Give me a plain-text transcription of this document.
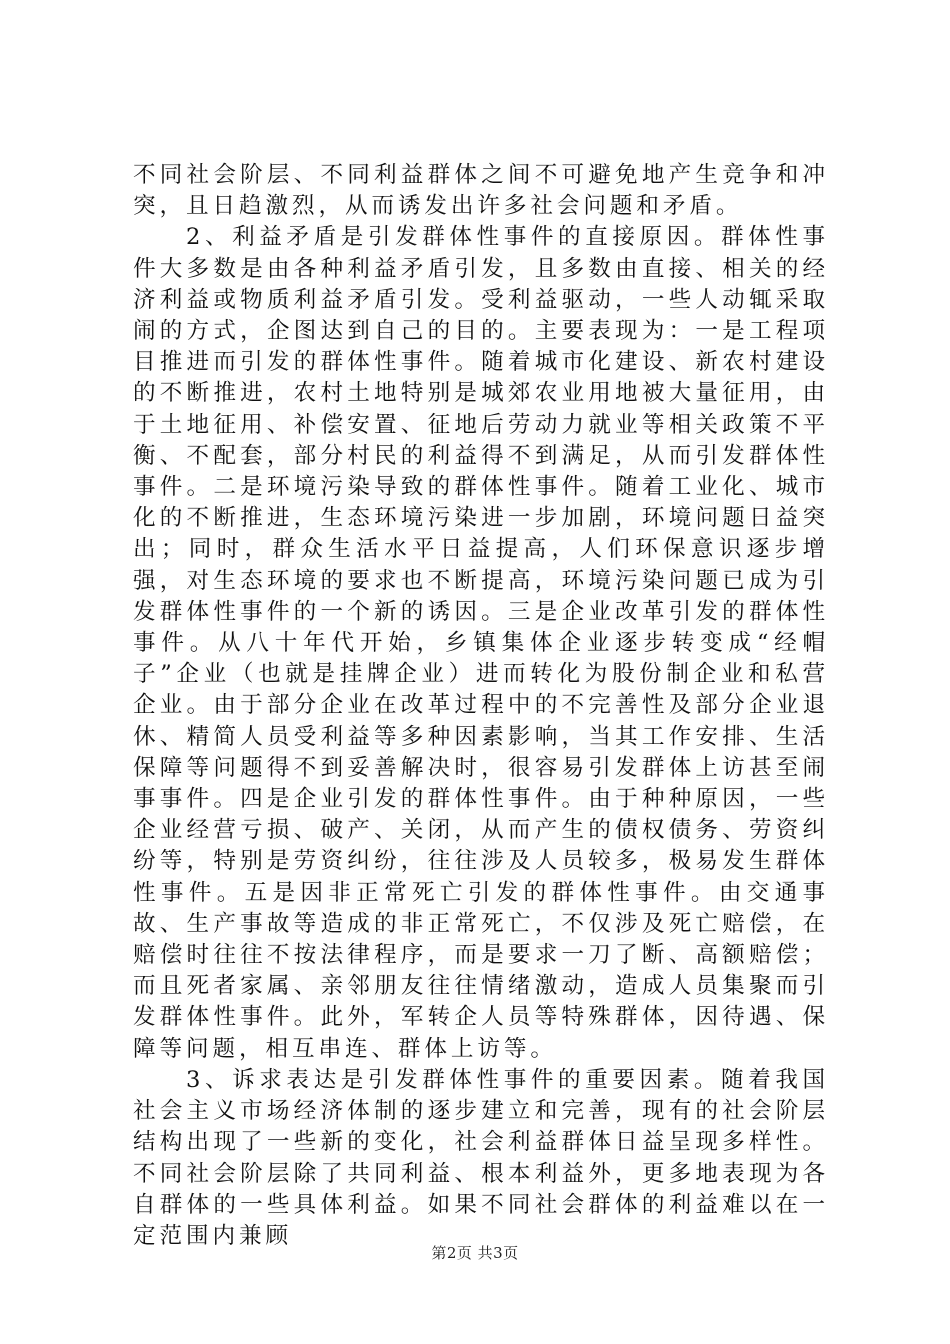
不同社会阶层、不同利益群体之间不可避免地产生竞争和冲突，且日趋激烈，从而诱发出许多社会问题和矛盾。

2、利益矛盾是引发群体性事件的直接原因。群体性事件大多数是由各种利益矛盾引发，且多数由直接、相关的经济利益或物质利益矛盾引发。受利益驱动，一些人动辄采取闹的方式，企图达到自己的目的。主要表现为：一是工程项目推进而引发的群体性事件。随着城市化建设、新农村建设的不断推进，农村土地特别是城郊农业用地被大量征用，由于土地征用、补偿安置、征地后劳动力就业等相关政策不平衡、不配套，部分村民的利益得不到满足，从而引发群体性事件。二是环境污染导致的群体性事件。随着工业化、城市化的不断推进，生态环境污染进一步加剧，环境问题日益突出；同时，群众生活水平日益提高，人们环保意识逐步增强，对生态环境的要求也不断提高，环境污染问题已成为引发群体性事件的一个新的诱因。三是企业改革引发的群体性事件。从八十年代开始，乡镇集体企业逐步转变成“经帽子”企业（也就是挂牌企业）进而转化为股份制企业和私营企业。由于部分企业在改革过程中的不完善性及部分企业退休、精简人员受利益等多种因素影响，当其工作安排、生活保障等问题得不到妥善解决时，很容易引发群体上访甚至闹事事件。四是企业引发的群体性事件。由于种种原因，一些企业经营亏损、破产、关闭，从而产生的债权债务、劳资纠纷等，特别是劳资纠纷，往往涉及人员较多，极易发生群体性事件。五是因非正常死亡引发的群体性事件。由交通事故、生产事故等造成的非正常死亡，不仅涉及死亡赔偿，在赔偿时往往不按法律程序，而是要求一刀了断、高额赔偿；而且死者家属、亲邻朋友往往情绪激动，造成人员集聚而引发群体性事件。此外，军转企人员等特殊群体，因待遇、保障等问题，相互串连、群体上访等。

3、诉求表达是引发群体性事件的重要因素。随着我国社会主义市场经济体制的逐步建立和完善，现有的社会阶层结构出现了一些新的变化，社会利益群体日益呈现多样性。不同社会阶层除了共同利益、根本利益外，更多地表现为各自群体的一些具体利益。如果不同社会群体的利益难以在一定范围内兼顾

第2页 共3页
